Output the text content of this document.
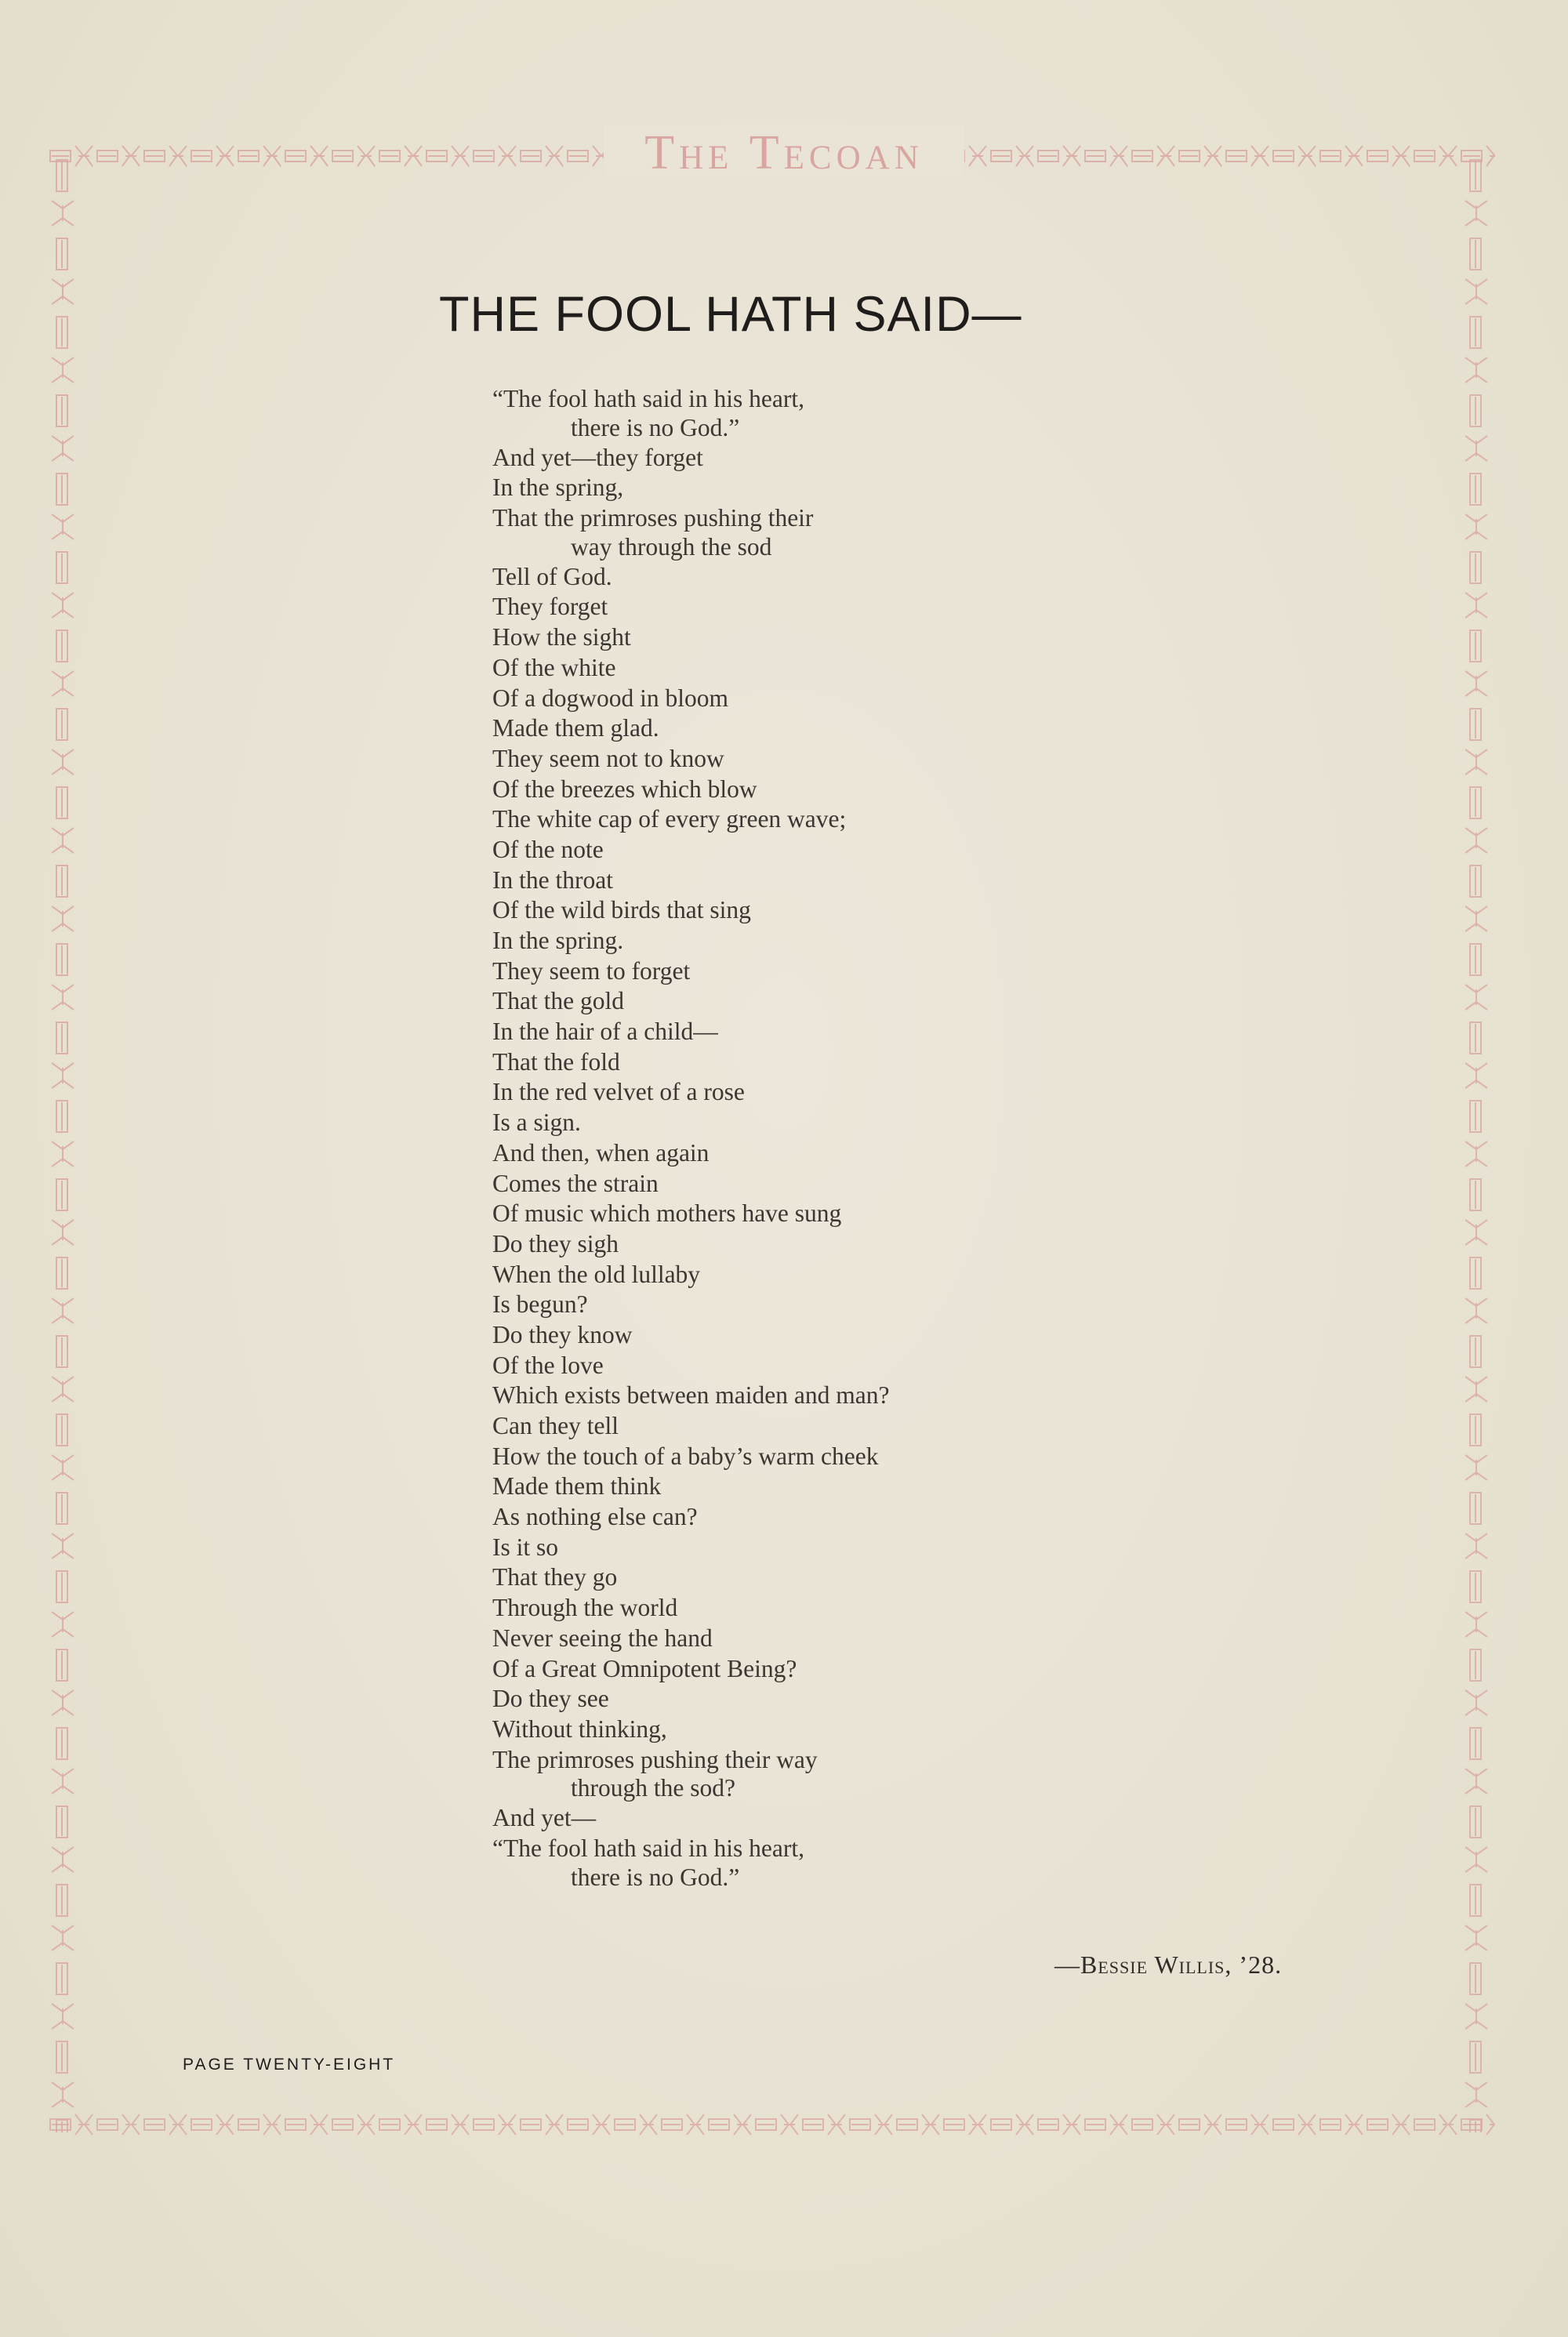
The Tecoan
THE FOOL HATH SAID—
“The fool hath said in his heart,
there is no God.”
And yet—they forget
In the spring,
That the primroses pushing their
way through the sod
Tell of God.
They forget
How the sight
Of the white
Of a dogwood in bloom
Made them glad.
They seem not to know
Of the breezes which blow
The white cap of every green wave;
Of the note
In the throat
Of the wild birds that sing
In the spring.
They seem to forget
That the gold
In the hair of a child—
That the fold
In the red velvet of a rose
Is a sign.
And then, when again
Comes the strain
Of music which mothers have sung
Do they sigh
When the old lullaby
Is begun?
Do they know
Of the love
Which exists between maiden and man?
Can they tell
How the touch of a baby’s warm cheek
Made them think
As nothing else can?
Is it so
That they go
Through the world
Never seeing the hand
Of a Great Omnipotent Being?
Do they see
Without thinking,
The primroses pushing their way
through the sod?
And yet—
“The fool hath said in his heart,
there is no God.”
—Bessie Willis, ’28.
PAGE TWENTY-EIGHT
